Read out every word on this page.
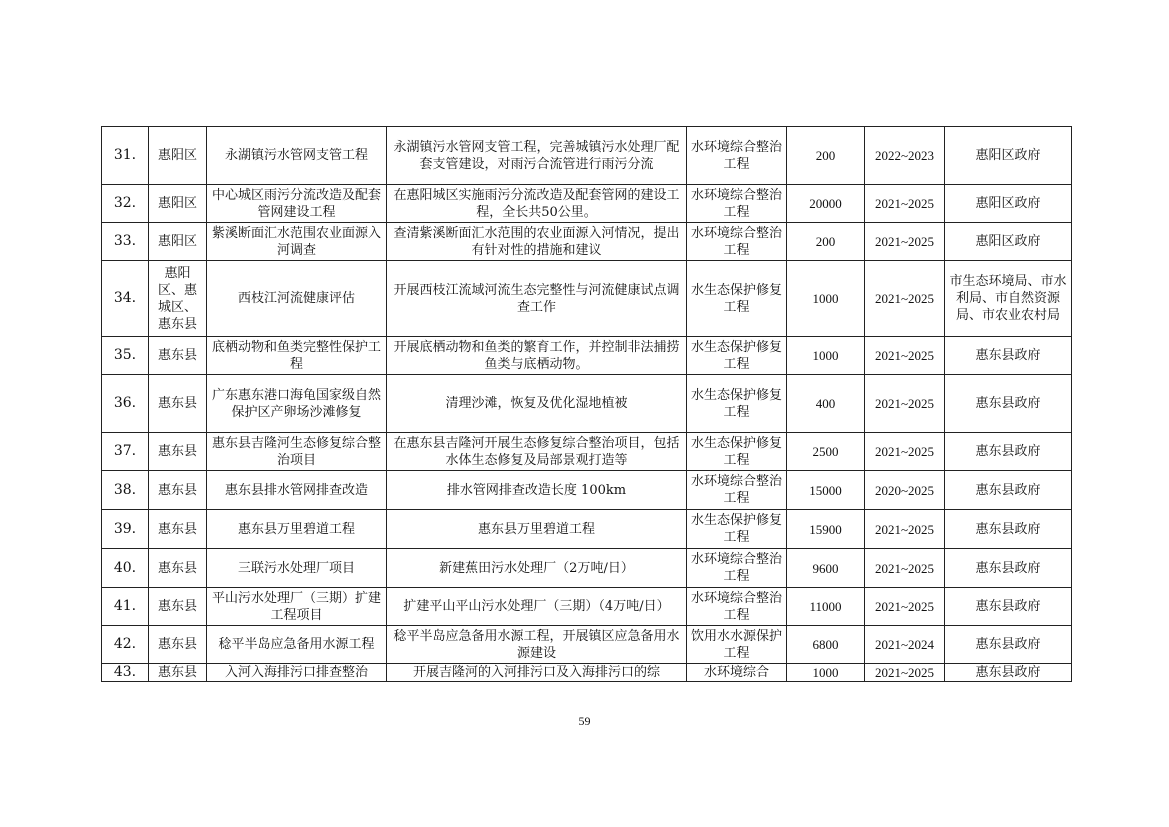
31.	惠阳区	永湖镇污水管网支管工程	永湖镇污水管网支管工程，完善城镇污水处理厂配套支管建设，对雨污合流管进行雨污分流	水环境综合整治工程	200	2022~2023	惠阳区政府
32.	惠阳区	中心城区雨污分流改造及配套管网建设工程	在惠阳城区实施雨污分流改造及配套管网的建设工程，全长共50公里。	水环境综合整治工程	20000	2021~2025	惠阳区政府
33.	惠阳区	紫溪断面汇水范围农业面源入河调查	查清紫溪断面汇水范围的农业面源入河情况，提出有针对性的措施和建议	水环境综合整治工程	200	2021~2025	惠阳区政府
34.	惠阳区、惠城区、惠东县	西枝江河流健康评估	开展西枝江流域河流生态完整性与河流健康试点调查工作	水生态保护修复工程	1000	2021~2025	市生态环境局、市水利局、市自然资源局、市农业农村局
35.	惠东县	底栖动物和鱼类完整性保护工程	开展底栖动物和鱼类的繁育工作，并控制非法捕捞鱼类与底栖动物。	水生态保护修复工程	1000	2021~2025	惠东县政府
36.	惠东县	广东惠东港口海龟国家级自然保护区产卵场沙滩修复	清理沙滩，恢复及优化湿地植被	水生态保护修复工程	400	2021~2025	惠东县政府
37.	惠东县	惠东县吉隆河生态修复综合整治项目	在惠东县吉隆河开展生态修复综合整治项目，包括水体生态修复及局部景观打造等	水生态保护修复工程	2500	2021~2025	惠东县政府
38.	惠东县	惠东县排水管网排查改造	排水管网排查改造长度 100km	水环境综合整治工程	15000	2020~2025	惠东县政府
39.	惠东县	惠东县万里碧道工程	惠东县万里碧道工程	水生态保护修复工程	15900	2021~2025	惠东县政府
40.	惠东县	三联污水处理厂项目	新建蕉田污水处理厂（2万吨/日）	水环境综合整治工程	9600	2021~2025	惠东县政府
41.	惠东县	平山污水处理厂（三期）扩建工程项目	扩建平山平山污水处理厂（三期）（4万吨/日）	水环境综合整治工程	11000	2021~2025	惠东县政府
42.	惠东县	稔平半岛应急备用水源工程	稔平半岛应急备用水源工程，开展镇区应急备用水源建设	饮用水水源保护工程	6800	2021~2024	惠东县政府
43.	惠东县	入河入海排污口排查整治	开展吉隆河的入河排污口及入海排污口的综	水环境综合	1000	2021~2025	惠东县政府
59
